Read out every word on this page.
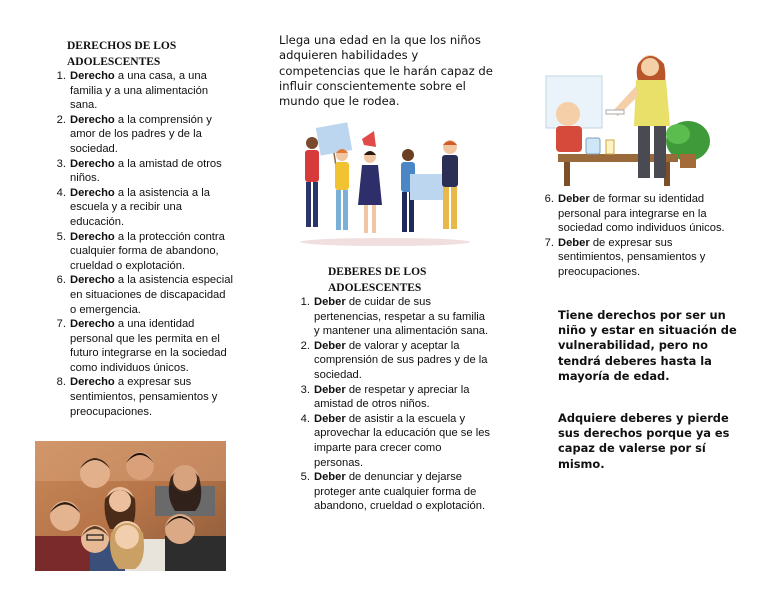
DERECHOS DE LOS ADOLESCENTES
1. Derecho a una casa, a una familia y a una alimentación sana.
2. Derecho a la comprensión y amor de los padres y de la sociedad.
3. Derecho a la amistad de otros niños.
4. Derecho a la asistencia a la escuela y a recibir una educación.
5. Derecho a la protección contra cualquier forma de abandono, crueldad o explotación.
6. Derecho a la asistencia especial en situaciones de discapacidad o emergencia.
7. Derecho a una identidad personal que les permita en el futuro integrarse en la sociedad como individuos únicos.
8. Derecho a expresar sus sentimientos, pensamientos y preocupaciones.
Llega una edad en la que los niños adquieren habilidades y competencias que le harán capaz de influir conscientemente sobre el mundo que le rodea.
DEBERES DE LOS ADOLESCENTES
1. Deber de cuidar de sus pertenencias, respetar a su familia y mantener una alimentación sana.
2. Deber de valorar y aceptar la comprensión de sus padres y de la sociedad.
3. Deber de respetar y apreciar la amistad de otros niños.
4. Deber de asistir a la escuela y aprovechar la educación que se les imparte para crecer como personas.
5. Deber de denunciar y dejarse proteger ante cualquier forma de abandono, crueldad o explotación.
6. Deber de formar su identidad personal para integrarse en la sociedad como individuos únicos.
7. Deber de expresar sus sentimientos, pensamientos y preocupaciones.
Tiene derechos por ser un niño y estar en situación de vulnerabilidad, pero no tendrá deberes hasta la mayoría de edad.
Adquiere deberes y pierde sus derechos porque ya es capaz de valerse por sí mismo.
